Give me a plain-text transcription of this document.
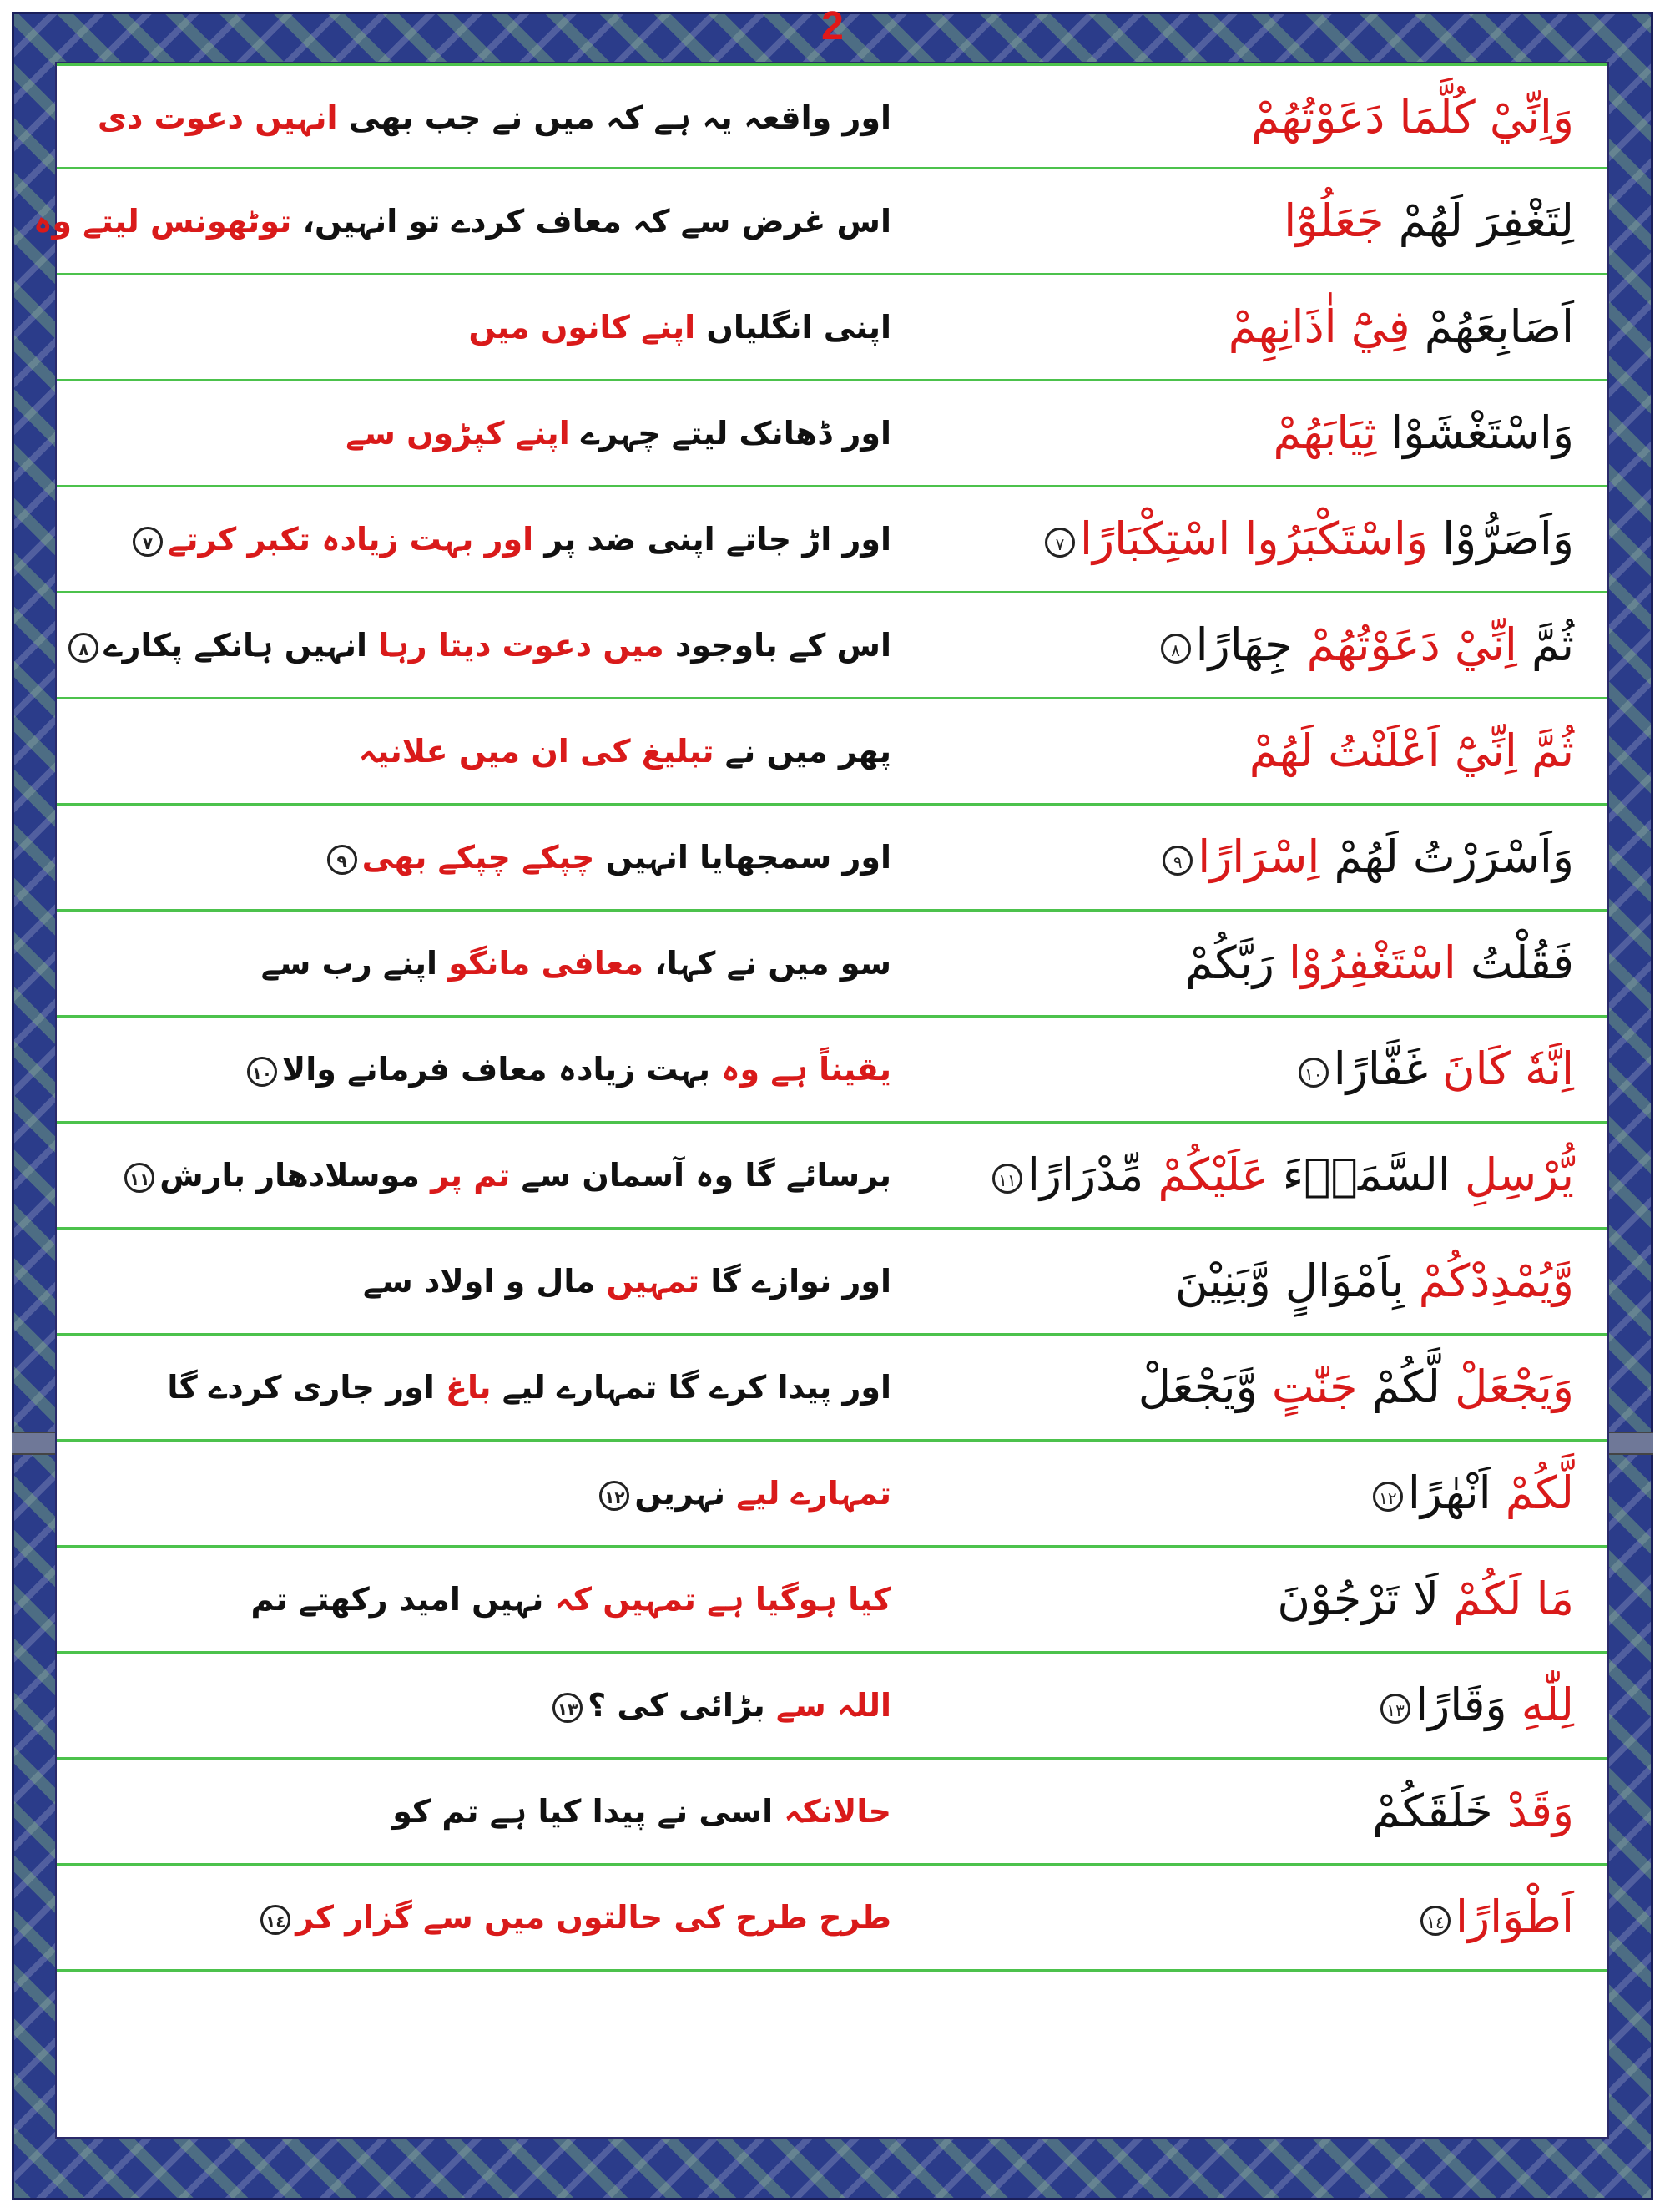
2
وَاِنِّيْ كُلَّمَا دَعَوْتُهُمْ
اور واقعہ یہ ہے کہ میں نے جب بھی انہیں دعوت دی
لِتَغْفِرَ لَهُمْ جَعَلُوْٓا
اس غرض سے کہ معاف کردے تو انہیں، توٹھونس لیتے وہ
اَصَابِعَهُمْ فِيْٓ اٰذَانِهِمْ
اپنی انگلیاں اپنے کانوں میں
وَاسْتَغْشَوْا ثِيَابَهُمْ
اور ڈھانک لیتے چہرے اپنے کپڑوں سے
وَاَصَرُّوْا وَاسْتَكْبَرُوا اسْتِكْبَارًا٧
اور اڑ جاتے اپنی ضد پر اور بہت زیادہ تکبر کرتے٧
ثُمَّ اِنِّيْ دَعَوْتُهُمْ جِهَارًا٨
اس کے باوجود میں دعوت دیتا رہا انہیں ہانکے پکارے٨
ثُمَّ اِنِّيْٓ اَعْلَنْتُ لَهُمْ
پھر میں نے تبلیغ کی ان میں علانیہ
وَاَسْرَرْتُ لَهُمْ اِسْرَارًا٩
اور سمجھایا انہیں چپکے چپکے بھی٩
فَقُلْتُ اسْتَغْفِرُوْا رَبَّكُمْ
سو میں نے کہا، معافی مانگو اپنے رب سے
اِنَّهٗ كَانَ غَفَّارًا١٠
یقیناً ہے وہ بہت زیادہ معاف فرمانے والا١٠
يُّرْسِلِ السَّمَاۗءَ عَلَيْكُمْ مِّدْرَارًا١١
برسائے گا وہ آسمان سے تم پر موسلادھار بارش١١
وَّيُمْدِدْكُمْ بِاَمْوَالٍ وَّبَنِيْنَ
اور نوازے گا تمہیں مال و اولاد سے
وَيَجْعَلْ لَّكُمْ جَنّٰتٍ وَّيَجْعَلْ
اور پیدا کرے گا تمہارے لیے باغ اور جاری کردے گا
لَّكُمْ اَنْهٰرًا١٢
تمہارے لیے نہریں١٢
مَا لَكُمْ لَا تَرْجُوْنَ
کیا ہوگیا ہے تمہیں کہ نہیں امید رکھتے تم
لِلّٰهِ وَقَارًا١٣
اللہ سے بڑائی کی ؟١٣
وَقَدْ خَلَقَكُمْ
حالانکہ اسی نے پیدا کیا ہے تم کو
اَطْوَارًا١٤
طرح طرح کی حالتوں میں سے گزار کر١٤
